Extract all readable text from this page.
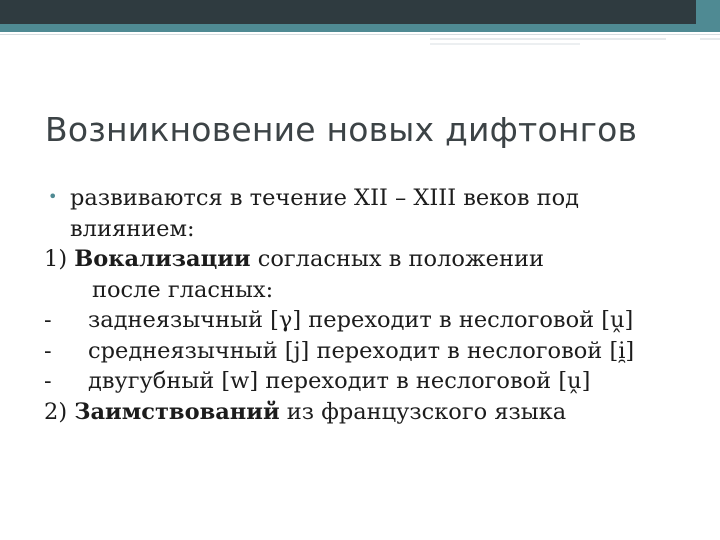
Возникновение новых дифтонгов
• развиваются в течение XII – XIII веков под
влиянием:
1) Вокализации согласных в положении
после гласных:
- заднеязычный [γ] переходит в неслоговой [ṷ]
- среднеязычный [j] переходит в неслоговой [i̯]
- двугубный [w] переходит в неслоговой [ṷ]
2) Заимствований из французского языка
